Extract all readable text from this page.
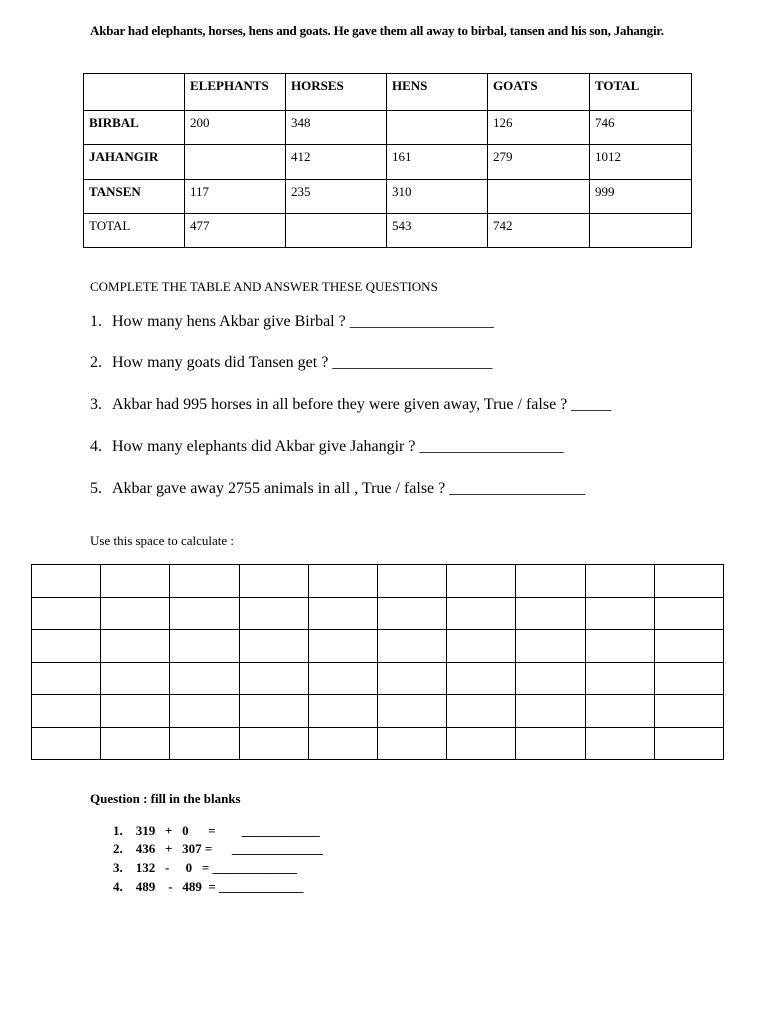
Akbar had elephants, horses, hens and goats. He gave them all away to birbal, tansen and his son, Jahangir.
	ELEPHANTS	HORSES	HENS	GOATS	TOTAL
BIRBAL	200	348		126	746
JAHANGIR		412	161	279	1012
TANSEN	117	235	310		999
TOTAL	477		543	742	
COMPLETE THE TABLE AND ANSWER THESE QUESTIONS
1. How many hens Akbar give Birbal ? __________________
2. How many goats did Tansen get ? ____________________
3. Akbar had 995 horses in all before they were given away, True / false ? _____
4. How many elephants did Akbar give Jahangir ? __________________
5. Akbar gave away 2755 animals in all , True / false ? _________________
Use this space to calculate :

Question : fill in the blanks
1.    319   +   0      =        ____________
2.    436   +   307 =      ______________
3.    132   -     0   = _____________
4.    489    -   489  = _____________
